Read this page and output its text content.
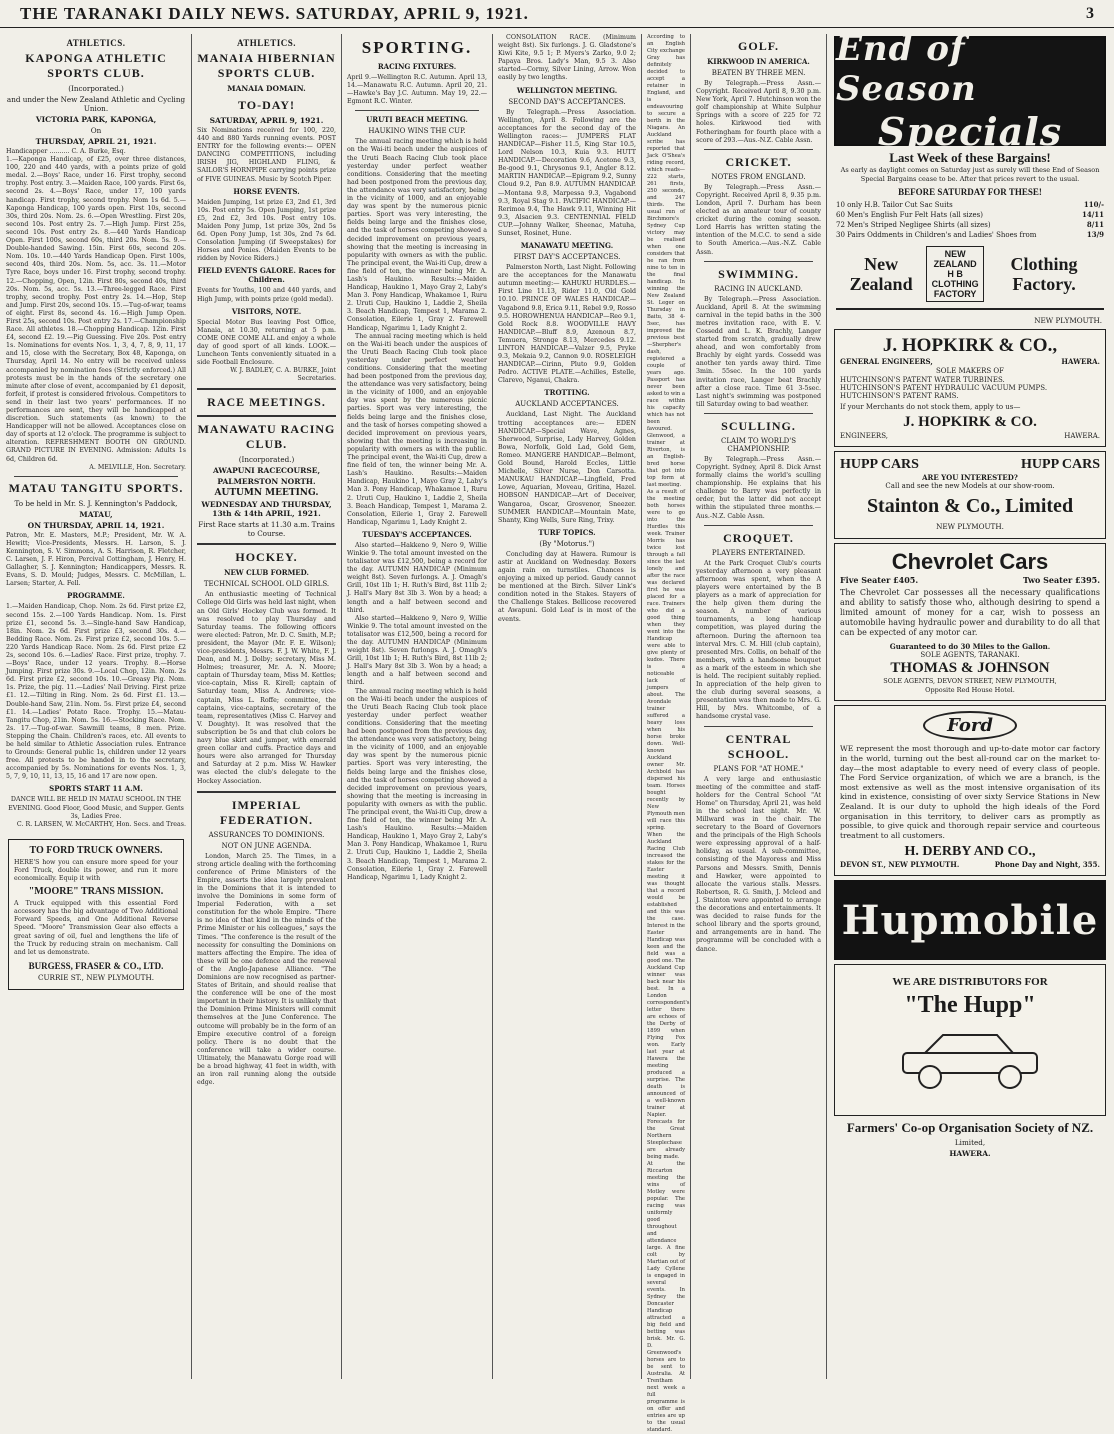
THE TARANAKI DAILY NEWS. SATURDAY, APRIL 9, 1921.	3
ATHLETICS.
KAPONGA ATHLETIC SPORTS CLUB.
(Incorporated.)
and under the New Zealand Athletic and Cycling Union.
VICTORIA PARK, KAPONGA,
On
THURSDAY, APRIL 21, 1921.
Handicapper .......... C. A. Burke, Esq.
1.—Kaponga Handicap, of £25, over three distances, 100, 220 and 440 yards, with a points prize of gold medal. 2.—Boys' Race, under 16. First trophy, second trophy. Post entry. 3.—Maiden Race, 100 yards. First 6s, second 2s. 4.—Boys' Race, under 17, 100 yards handicap. First trophy, second trophy. Nom 1s 6d. 5.—Kaponga Handicap, 100 yards open. First 10s, second 30s, third 20s. Nom. 2s. 6.—Open Wrestling. First 20s, second 10s. Post entry 2s. 7.—High Jump. First 25s, second 10s. Post entry 2s. 8.—440 Yards Handicap Open. First 100s, second 60s, third 20s. Nom. 5s. 9.—Double-handed Sawing. 15in. First 60s, second 20s. Nom. 10s. 10.—440 Yards Handicap Open. First 100s, second 40s, third 20s. Nom. 5s, acc. 3s. 11.—Motor Tyre Race, boys under 16. First trophy, second trophy. 12.—Chopping, Open, 12in. First 80s, second 40s, third 20s. Nom. 5s, acc. 5s. 13.—Three-legged Race. First trophy, second trophy. Post entry 2s. 14.—Hop, Step and Jump. First 20s, second 10s. 15.—Tug-of-war, teams of eight. First 8s, second 4s. 16.—High Jump Open. First 25s, second 10s. Post entry 2s. 17.—Championship Race. All athletes. 18.—Chopping Handicap. 12in. First £4, second £2. 19.—Pig Guessing. Five 20s. Post entry 1s. Nominations for events Nos. 1, 3, 4, 7, 8, 9, 11, 17 and 15, close with the Secretary, Box 48, Kaponga, on Thursday, April 14. No entry will be received unless accompanied by nomination fees (Strictly enforced.) All protests must be in the hands of the secretary one minute after close of event, accompanied by £1 deposit, forfeit, if protest is considered frivolous. Competitors to send in their last two years' performances. If no performances are sent, they will be handicapped at discretion. Such statements (as known) to the Handicapper will not be allowed. Acceptances close on day of sports at 12 o'clock. The programme is subject to alteration. REFRESHMENT BOOTH ON GROUND. GRAND PICTURE IN EVENING. Admission: Adults 1s 6d, Children 6d.
A. MELVILLE, Hon. Secretary.
MATAU TANGITU SPORTS.
To be held in Mr. S. J. Kennington's Paddock,
MATAU,
ON THURSDAY, APRIL 14, 1921.
Patron, Mr. E. Masters, M.P.; President, Mr. W. A. Hewitt; Vice-Presidents, Messrs. H. Larson, S. J. Kennington, S. V. Simmons, A. S. Harrison, R. Fletcher, C. Larsen, J. F. Hiron, Percival Cottingham, J. Henry, H. Gallagher, S. J. Kennington; Handicappers, Messrs. R. Evans, S. D. Mould; Judges, Messrs. C. McMillan, L. Larsen; Starter, A. Fell.
PROGRAMME.
1.—Maiden Handicap, Chop. Nom. 2s 6d. First prize £2, second 15s. 2.—100 Yards Handicap. Nom. 1s. First prize £1, second 5s. 3.—Single-hand Saw Handicap, 18in. Nom. 2s 6d. First prize £3, second 30s. 4.—Bedding Race. Nom. 2s. First prize £2, second 10s. 5.—220 Yards Handicap Race. Nom. 2s 6d. First prize £2 2s, second 10s. 6.—Ladies' Race. First prize, trophy. 7.—Boys' Race, under 12 years. Trophy. 8.—Horse Jumping. First prize 30s. 9.—Local Chop, 12in. Nom. 2s 6d. First prize £2, second 10s. 10.—Greasy Pig. Nom. 1s. Prize, the pig. 11.—Ladies' Nail Driving. First prize £1. 12.—Tilting in Ring. Nom. 2s 6d. First £1. 13.—Double-hand Saw, 21in. Nom. 5s. First prize £4, second £1. 14.—Ladies' Potato Race. Trophy. 15.—Matau-Tangitu Chop, 21in. Nom. 5s. 16.—Stocking Race. Nom. 2s. 17.—Tug-of-war. Sawmill teams, 8 men. Prize. Stepping the Chain. Children's races, etc. All events to be held similar to Athletic Association rules. Entrance to Grounds: General public 1s, children under 12 years free. All protests to be handed in to the secretary, accompanied by 5s. Nominations for events Nos. 1, 3, 5, 7, 9, 10, 11, 13, 15, 16 and 17 are now open.
SPORTS START 11 A.M.
DANCE WILL BE HELD IN MATAU SCHOOL IN THE EVENING. Good Floor, Good Music, and Supper. Gents 3s, Ladies Free.
C. R. LARSEN, W. McCARTHY, Hon. Secs. and Treas.
TO FORD TRUCK OWNERS.
HERE'S how you can ensure more speed for your Ford Truck, double its power, and run it more economically. Equip it with
"MOORE" TRANS MISSION.
A Truck equipped with this essential Ford accessory has the big advantage of Two Additional Forward Speeds, and One Additional Reverse Speed. "Moore" Transmission Gear also effects a great saving of oil, fuel and lengthens the life of the Truck by reducing strain on mechanism. Call and let us demonstrate.
BURGESS, FRASER & CO., LTD.
CURRIE ST., NEW PLYMOUTH.
ATHLETICS.
MANAIA HIBERNIAN SPORTS CLUB.
MANAIA DOMAIN.
TO-DAY!
SATURDAY, APRIL 9, 1921.
Six Nominations received for 100, 220, 440 and 880 Yards running events. POST ENTRY for the following events:— OPEN DANCING COMPETITIONS, including IRISH JIG, HIGHLAND FLING, & SAILOR'S HORNPIPE carrying points prize of FIVE GUINEAS. Music by Scotch Piper.
HORSE EVENTS.
Maiden Jumping, 1st prize £3, 2nd £1, 3rd 10s. Post entry 5s. Open Jumping, 1st prize £5, 2nd £2, 3rd 10s. Post entry 10s. Maiden Pony Jump, 1st prize 30s, 2nd 5s 6d. Open Pony Jump, 1st 30s, 2nd 7s 6d. Consolation Jumping (if Sweepstakes) for Horses and Ponies. (Maiden Events to be ridden by Novice Riders.)
FIELD EVENTS GALORE. Races for Children.
Events for Youths, 100 and 440 yards, and High Jump, with points prize (gold medal).
VISITORS, NOTE.
Special Motor Bus leaving Post Office, Manaia, at 10.30, returning at 5 p.m. COME ONE COME ALL and enjoy a whole day of good sport of all kinds. LOOK.—Luncheon Tents conveniently situated in a side Football Enclosure.
W. J. BADLEY, C. A. BURKE, Joint Secretaries.
RACE MEETINGS.
MANAWATU RACING CLUB.
(Incorporated.)
AWAPUNI RACECOURSE,
PALMERSTON NORTH.
AUTUMN MEETING.
WEDNESDAY AND THURSDAY, 13th & 14th APRIL, 1921.
First Race starts at 11.30 a.m. Trains to Course.
HOCKEY.
NEW CLUB FORMED.
TECHNICAL SCHOOL OLD GIRLS.
An enthusiastic meeting of Technical College Old Girls was held last night, when an Old Girls' Hockey Club was formed. It was resolved to play Thursday and Saturday teams. The following officers were elected: Patron, Mr. D. C. Smith, M.P.; president, the Mayor (Mr. F. E. Wilson); vice-presidents, Messrs. F. J. W. White, F. J. Dean, and M. J. Dolby; secretary, Miss M. Holmes; treasurer, Mr. A. N. Moore; captain of Thursday team, Miss M. Kettles; vice-captain, Miss R. Kirell; captain of Saturday team, Miss A. Andrews; vice-captain, Miss L. Roffe; committee, the captains, vice-captains, secretary of the team, representatives (Miss C. Harvey and V. Doughty). It was resolved that the subscription be 5s and that club colors be navy blue skirt and jumper, with emerald green collar and cuffs. Practice days and hours were also arranged for Thursday and Saturday at 2 p.m. Miss W. Hawker was elected the club's delegate to the Hockey Association.
IMPERIAL FEDERATION.
ASSURANCES TO DOMINIONS.
NOT ON JUNE AGENDA.
London, March 25. The Times, in a strong article dealing with the forthcoming conference of Prime Ministers of the Empire, asserts the idea largely prevalent in the Dominions that it is intended to involve the Dominions in some form of Imperial Federation, with a set constitution for the whole Empire. "There is no idea of that kind in the minds of the Prime Minister or his colleagues," says the Times. "The conference is the result of the necessity for consulting the Dominions on matters affecting the Empire. The idea of these will be one defence and the renewal of the Anglo-Japanese Alliance. "The Dominions are now recognised as partner-States of Britain, and should realise that the conference will be one of the most important in their history. It is unlikely that the Dominion Prime Ministers will commit themselves at the June Conference. The outcome will probably be in the form of an Empire executive control of a foreign policy. There is no doubt that the conference will take a wider course. Ultimately, the Manawatu Gorge road will be a broad highway, 41 feet in width, with an iron rail running along the outside edge.
SPORTING.
RACING FIXTURES.
April 9.—Wellington R.C. Autumn. April 13, 14.—Manawatu R.C. Autumn. April 20, 21.—Hawke's Bay J.C. Autumn. May 19, 22.—Egmont R.C. Winter.
URUTI BEACH MEETING.
HAUKINO WINS THE CUP.
The annual racing meeting which is held on the Wai-iti beach under the auspices of the Uruti Beach Racing Club took place yesterday under perfect weather conditions. Considering that the meeting had been postponed from the previous day, the attendance was very satisfactory, being in the vicinity of 1000, and an enjoyable day was spent by the numerous picnic parties. Sport was very interesting, the fields being large and the finishes close, and the task of horses competing showed a decided improvement on previous years, showing that the meeting is increasing in popularity with owners as with the public. The principal event, the Wai-iti Cup, drew a fine field of ten, the winner being Mr. A. Lash's Haukino. Results:—Maiden Handicap, Haukino 1, Mayo Gray 2, Laby's Man 3. Pony Handicap, Whakamoe 1, Ruru 2. Uruti Cup, Haukino 1, Laddie 2, Sheila 3. Beach Handicap, Tempest 1, Marama 2. Consolation, Eilerie 1, Gray 2. Farewell Handicap, Ngarimu 1, Lady Knight 2.
The annual racing meeting which is held on the Wai-iti beach under the auspices of the Uruti Beach Racing Club took place yesterday under perfect weather conditions. Considering that the meeting had been postponed from the previous day, the attendance was very satisfactory, being in the vicinity of 1000, and an enjoyable day was spent by the numerous picnic parties. Sport was very interesting, the fields being large and the finishes close, and the task of horses competing showed a decided improvement on previous years, showing that the meeting is increasing in popularity with owners as with the public. The principal event, the Wai-iti Cup, drew a fine field of ten, the winner being Mr. A. Lash's Haukino. Results:—Maiden Handicap, Haukino 1, Mayo Gray 2, Laby's Man 3. Pony Handicap, Whakamoe 1, Ruru 2. Uruti Cup, Haukino 1, Laddie 2, Sheila 3. Beach Handicap, Tempest 1, Marama 2. Consolation, Eilerie 1, Gray 2. Farewell Handicap, Ngarimu 1, Lady Knight 2.
TUESDAY'S ACCEPTANCES.
Also started—Hakkeno 9, Nero 9, Willie Winkie 9. The total amount invested on the totalisator was £12,500, being a record for the day. AUTUMN HANDICAP (Minimum weight 8st). Seven furlongs. A. J. Omagh's Grill, 10st 1lb 1; H. Ruth's Bird, 8st 11lb 2; J. Hall's Mary 8st 3lb 3. Won by a head; a length and a half between second and third.
Also started—Hakkeno 9, Nero 9, Willie Winkie 9. The total amount invested on the totalisator was £12,500, being a record for the day. AUTUMN HANDICAP (Minimum weight 8st). Seven furlongs. A. J. Omagh's Grill, 10st 1lb 1; H. Ruth's Bird, 8st 11lb 2; J. Hall's Mary 8st 3lb 3. Won by a head; a length and a half between second and third.
The annual racing meeting which is held on the Wai-iti beach under the auspices of the Uruti Beach Racing Club took place yesterday under perfect weather conditions. Considering that the meeting had been postponed from the previous day, the attendance was very satisfactory, being in the vicinity of 1000, and an enjoyable day was spent by the numerous picnic parties. Sport was very interesting, the fields being large and the finishes close, and the task of horses competing showed a decided improvement on previous years, showing that the meeting is increasing in popularity with owners as with the public. The principal event, the Wai-iti Cup, drew a fine field of ten, the winner being Mr. A. Lash's Haukino. Results:—Maiden Handicap, Haukino 1, Mayo Gray 2, Laby's Man 3. Pony Handicap, Whakamoe 1, Ruru 2. Uruti Cup, Haukino 1, Laddie 2, Sheila 3. Beach Handicap, Tempest 1, Marama 2. Consolation, Eilerie 1, Gray 2. Farewell Handicap, Ngarimu 1, Lady Knight 2.
CONSOLATION RACE. (Minimum weight 8st). Six furlongs. J. G. Gladstone's Kiwi Kite, 9.5 1; P. Myers's Zarko, 9.0 2; Papaya Bros. Lady's Man, 9.5 3. Also started—Cormy, Silver Lining, Arrow. Won easily by two lengths.
WELLINGTON MEETING.
SECOND DAY'S ACCEPTANCES.
By Telegraph.—Press Association. Wellington, April 8. Following are the acceptances for the second day of the Wellington races:— JUMPERS FLAT HANDICAP—Fisher 11.5, King Star 10.5, Lord Nelson 10.3, Kuia 9.3. HUTT HANDICAP.—Decoration 9.6, Acetone 9.3, Be-good 9.1, Chrysonus 9.1, Angler 8.12. MARTIN HANDICAP.—Epigram 9.2, Sunny Cloud 9.2, Pan 8.9. AUTUMN HANDICAP.—Montana 9.8, Marpessa 9.3, Vagabond 9.3, Royal Stag 9.1. PACIFIC HANDICAP.—Rerimoa 9.4, The Hawk 9.11, Winning Hit 9.3, Alsacien 9.3. CENTENNIAL FIELD CUP.—Johnny Walker, Sheenac, Matuha, Sunset, Rosinet, Hune.
MANAWATU MEETING.
FIRST DAY'S ACCEPTANCES.
Palmerston North, Last Night. Following are the acceptances for the Manawatu autumn meeting:— KAHUKU HURDLES.—First Line 11.13, Rider 11.0, Old Gold 10.10. PRINCE OF WALES HANDICAP.—Vagabond 9.8, Erica 9.11, Rebel 9.9, Rosso 9.5. HOROWHENUA HANDICAP—Reo 9.1, Gold Rock 8.8. WOODVILLE HAVY HANDICAP.—Bluff 8.9, Azenoun 8.7, Temuera, Stronge 8.13, Mercedes 9.12. LINTON HANDICAP.—Valzer 9.5, Pryke 9.3, Mekaia 9.2, Cannon 9.0. ROSELEIGH HANDICAP.—Cirinn, Pluto 9.9, Golden Pedro. ACTIVE PLATE.—Achilles, Estelle, Clarevo, Nganui, Chakra.
TROTTING.
AUCKLAND ACCEPTANCES.
Auckland, Last Night. The Auckland trotting acceptances are:— EDEN HANDICAP.—Special Wave, Agnes, Sherwood, Surprise, Lady Harvey, Golden Bowa, Norfolk, Gold Lad, Gold Gem, Romeo. MANGERE HANDICAP.—Belmont, Gold Bound, Harold Eccles, Little Michelle, Silver Nurse, Don Carsotta. MANUKAU HANDICAP.—Lingfield, Fred Lowe, Aquarian, Moveau, Gritina, Hazel. HOBSON HANDICAP.—Art of Deceiver, Wangaroa, Oscar, Grosvenor, Sneezer. SUMMER HANDICAP.—Mountain Mate, Shanty, King Wells, Sure Ring, Trixy.
TURF TOPICS.
(By "Motorus.")
Concluding day at Hawera. Rumour is astir at Auckland on Wednesday. Boxers again rain on turnstiles. Chances is enjoying a mixed up period. Gaudy cannot be mentioned at the Birch. Silver Link's condition noted in the Stakes. Stayers of the Challenge Stakes. Bellicose recovered at Awapuni. Gold Leaf is in most of the events.
According to an English City exchange Gray has definitely decided to accept a retainer in England, and is endeavouring to secure a berth in the Niagara. An Auckland scribe has reported that Jack O'Shea's riding record, which reads—222 starts, 261 firsts, 250 seconds, and 247 thirds. The usual run of Birchmore's Sydney Cup victory may be realised when one considers that he ran from nine to ten in the final handicap. In winning the New Zealand St. Leger on Thursday in Baitu, 38 4-5sec, has improved the previous best—Sherpher's dash, registered a couple of years ago. Passport has never been asked to win a race within his capacity which has not been favoured. Glenwood, a trainer at Riverton, is an English-bred horse that got into top form at last meeting.
As a result of the meeting both horses were to go into the Hurdles this week. Trainer Morris has twice lost through a fall since the last lonely and after the race was declared first he was placed for a race. Trainers who did a good thing when they went into the Handicap were able to give plenty of kudos. There is a noticeable lack of jumpers about. The Avondale trainer suffered a heavy loss when his horse broke down. Well-known Auckland owner Mr. Archbold has dispersed his team. Horses bought recently by New Plymouth men will race this spring.
When the Auckland Racing Club increased the stakes for the Easter meeting it was thought that a record would be established and this was the case. Interest in the Easter Handicap was keen and the field was a good one. The Auckland Cup winner was back near his best. In a London correspondent's letter there are echoes of the Derby of 1899 when Flying Fox won. Early last year at Hawera the meeting produced a surprise. The death is announced of a well-known trainer at Napier. Forecasts for the Great Northern Steeplechase are already being made.
At the Riccarton meeting the wins of Motley were popular. The racing was uniformly good throughout and attendance large. A fine colt by Martian out of Lady Cyllene is engaged in several events. In Sydney the Doncaster Handicap attracted a big field and betting was brisk. Mr. G. D. Greenwood's horses are to be sent to Australia. At Trentham next week a full programme is on offer and entries are up to the usual standard.
GOLF.
KIRKWOOD IN AMERICA.
BEATEN BY THREE MEN.
By Telegraph.—Press Assn.—Copyright. Received April 8, 9.30 p.m. New York, April 7. Hutchinson won the golf championship at White Sulphur Springs with a score of 225 for 72 holes. Kirkwood tied with Fotheringham for fourth place with a score of 293.—Aus.-N.Z. Cable Assn.
CRICKET.
NOTES FROM ENGLAND.
By Telegraph.—Press Assn.—Copyright. Received April 8, 9.35 p.m. London, April 7. Durham has been elected as an amateur tour of county cricket during the coming season. Lord Harris has written stating the intention of the M.C.C. to send a side to South America.—Aus.-N.Z. Cable Assn.
SWIMMING.
RACING IN AUCKLAND.
By Telegraph.—Press Association. Auckland, April 8. At the swimming carnival in the tepid baths in the 300 metres invitation race, with E. V. Cossedd and L. K. Brachly, Langer started from scratch, gradually drew ahead, and won comfortably from Brachly by eight yards. Cossedd was another ten yards away third. Time 3min. 55sec. In the 100 yards invitation race, Langer beat Brachly after a close race. Time 61 3-5sec. Last night's swimming was postponed till Saturday owing to bad weather.
SCULLING.
CLAIM TO WORLD'S CHAMPIONSHIP.
By Telegraph.—Press Assn.—Copyright. Sydney, April 8. Dick Arnst formally claims the world's sculling championship. He explains that his challenge to Barry was perfectly in order, but the latter did not accept within the stipulated three months.—Aus.-N.Z. Cable Assn.
CROQUET.
PLAYERS ENTERTAINED.
At the Park Croquet Club's courts yesterday afternoon a very pleasant afternoon was spent, when the A players were entertained by the B players as a mark of appreciation for the help given them during the season. A number of various tournaments, a long handicap competition, was played during the afternoon. During the afternoon tea interval Mrs. C. M. Hill (club captain), presented Mrs. Collis, on behalf of the members, with a handsome bouquet as a mark of the esteem in which she is held. The recipient suitably replied. In appreciation of the help given to the club during several seasons, a presentation was then made to Mrs. G. Hill, by Mrs. Whitcombe, of a handsome crystal vase.
CENTRAL SCHOOL.
PLANS FOR "AT HOME."
A very large and enthusiastic meeting of the committee and staff-holders for the Central School "At Home" on Thursday, April 21, was held in the school last night. Mr. W. Millward was in the chair. The secretary to the Board of Governors and the principals of the High Schools were expressing approval of a half-holiday, as usual. A sub-committee, consisting of the Mayoress and Miss Parsons and Messrs. Smith, Dennis and Hawker, were appointed to allocate the various stalls. Messrs. Robertson, R. G. Smith, J. Mcleod and J. Stainton were appointed to arrange the decorations and entertainments. It was decided to raise funds for the school library and the sports ground, and arrangements are in hand. The programme will be concluded with a dance.
End of Season
Specials
Last Week of these Bargains!
As early as daylight comes on Saturday just as surely will these End of Season Special Bargains cease to be. After that prices revert to the usual.
BEFORE SATURDAY FOR THESE!
10 only H.B. Tailor Cut Sac Suits	110/-
60 Men's English Fur Felt Hats (all sizes)	14/11
72 Men's Striped Negligee Shirts (all sizes)	8/11
30 Pairs Oddments in Children's and Ladies' Shoes from	13/9
New Zealand
NEW ZEALAND H B CLOTHING FACTORY
Clothing Factory.
NEW PLYMOUTH.
J. HOPKIRK & CO.,
GENERAL ENGINEERS,	HAWERA.
SOLE MAKERS OF
HUTCHINSON'S PATENT WATER TURBINES.
HUTCHINSON'S PATENT HYDRAULIC VACUUM PUMPS.
HUTCHINSON'S PATENT RAMS.
If your Merchants do not stock them, apply to us—
J. HOPKIRK & CO.
ENGINEERS,	HAWERA.
HUPP CARS	HUPP CARS
ARE YOU INTERESTED?
Call and see the new Models at our show-room.
Stainton & Co., Limited
NEW PLYMOUTH.
Chevrolet Cars
Five Seater £405.	Two Seater £395.
The Chevrolet Car possesses all the necessary qualifications and ability to satisfy those who, although desiring to spend a limited amount of money for a car, wish to possess an automobile having hydraulic power and durability to do all that can be expected of any motor car.
Guaranteed to do 30 Miles to the Gallon.
SOLE AGENTS, TARANAKI.
THOMAS & JOHNSON
SOLE AGENTS, DEVON STREET, NEW PLYMOUTH,
Opposite Red House Hotel.
Ford
WE represent the most thorough and up-to-date motor car factory in the world, turning out the best all-round car on the market to-day—the most adaptable to every need of every class of people. The Ford Service organization, of which we are a branch, is the most extensive as well as the most intensive organisation of its kind in existence, consisting of over sixty Service Stations in New Zealand. It is our duty to uphold the high ideals of the Ford organisation in this territory, to deliver cars as promptly as possible, to give quick and thorough repair service and courteous treatment to all customers.
H. DERBY AND CO.,
DEVON ST., NEW PLYMOUTH.	Phone Day and Night, 355.
Hupmobile
WE ARE DISTRIBUTORS FOR
"The Hupp"
Farmers' Co-op Organisation Society of NZ.
Limited,
HAWERA.
